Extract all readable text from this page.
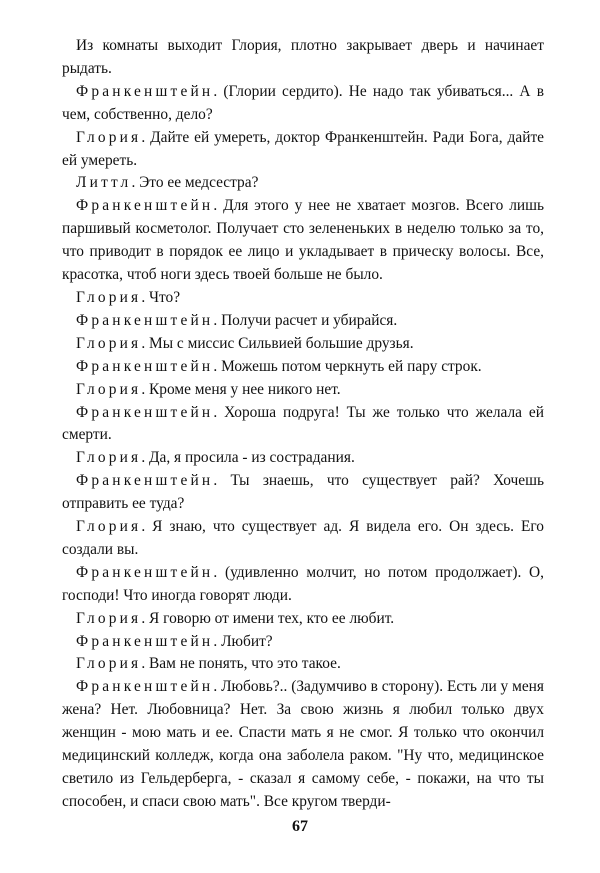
Из комнаты выходит Глория, плотно закрывает дверь и начинает рыдать.

Франкенштейн. (Глории сердито). Не надо так убиваться... А в чем, собственно, дело?

Глория. Дайте ей умереть, доктор Франкенштейн. Ради Бога, дайте ей умереть.

Литтл. Это ее медсестра?

Франкенштейн. Для этого у нее не хватает мозгов. Всего лишь паршивый косметолог. Получает сто зелененьких в неделю только за то, что приводит в порядок ее лицо и укладывает в прическу волосы. Все, красотка, чтоб ноги здесь твоей больше не было.

Глория. Что?

Франкенштейн. Получи расчет и убирайся.

Глория. Мы с миссис Сильвией большие друзья.

Франкенштейн. Можешь потом черкнуть ей пару строк.

Глория. Кроме меня у нее никого нет.

Франкенштейн. Хороша подруга! Ты же только что желала ей смерти.

Глория. Да, я просила - из сострадания.

Франкенштейн. Ты знаешь, что существует рай? Хочешь отправить ее туда?

Глория. Я знаю, что существует ад. Я видела его. Он здесь. Его создали вы.

Франкенштейн. (удивленно молчит, но потом продолжает). О, господи! Что иногда говорят люди.

Глория. Я говорю от имени тех, кто ее любит.

Франкенштейн. Любит?

Глория. Вам не понять, что это такое.

Франкенштейн. Любовь?.. (Задумчиво в сторону). Есть ли у меня жена? Нет. Любовница? Нет. За свою жизнь я любил только двух женщин - мою мать и ее. Спасти мать я не смог. Я только что окончил медицинский колледж, когда она заболела раком. "Ну что, медицинское светило из Гельдерберга, - сказал я самому себе, - покажи, на что ты способен, и спаси свою мать". Все кругом тверди-

67
